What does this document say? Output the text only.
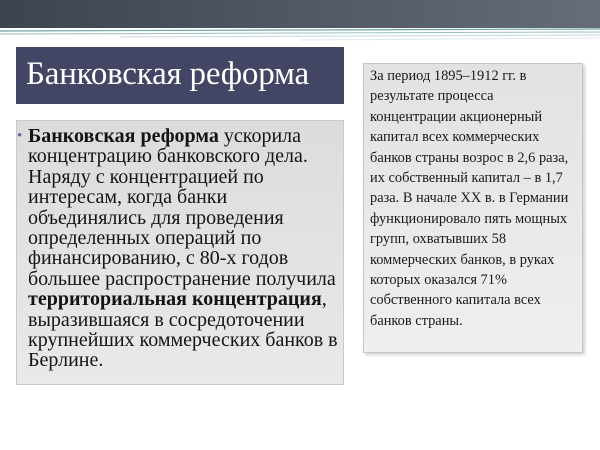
Банковская реформа

• Банковская реформа ускорила концентрацию банковского дела. Наряду с концентрацией по интересам, когда банки объединялись для проведения определенных операций по финансированию, с 80-х годов большее распространение получила территориальная концентрация, выразившаяся в сосредоточении крупнейших коммерческих банков в Берлине.

За период 1895–1912 гг. в результате процесса концентрации акционерный капитал всех коммерческих банков страны возрос в 2,6 раза, их собственный капитал – в 1,7 раза. В начале XX в. в Германии функционировало пять мощных групп, охватывших 58 коммерческих банков, в руках которых оказался 71% собственного капитала всех банков страны.
